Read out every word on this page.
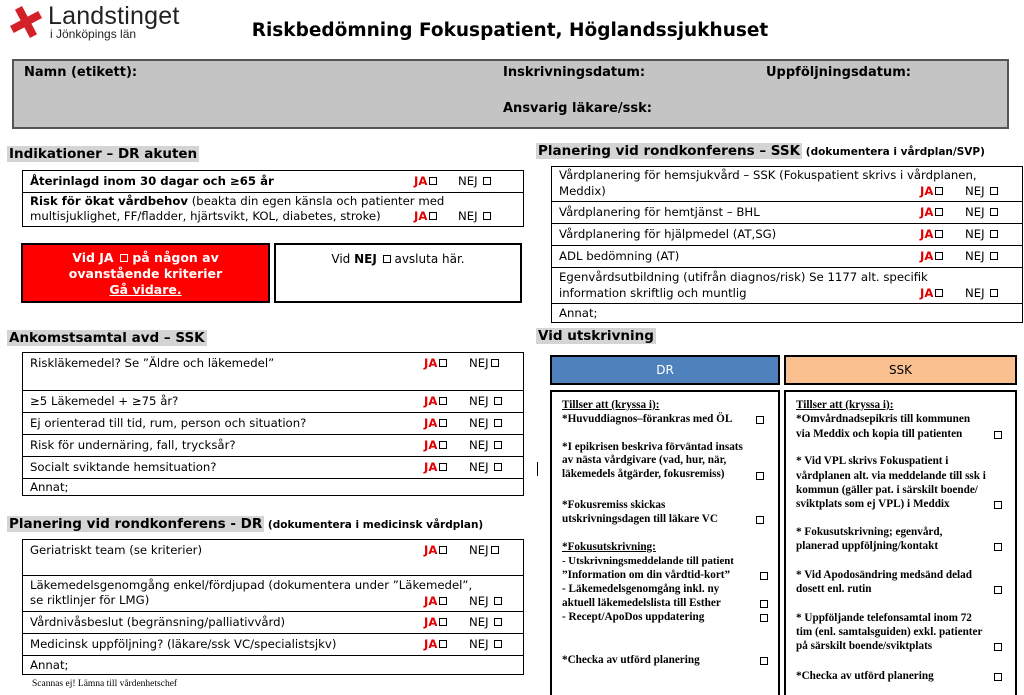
Landstinget
i Jönköpings län	Riskbedömning Fokuspatient, Höglandssjukhuset
Namn (etikett):	Inskrivningsdatum:	Uppföljningsdatum:
Ansvarig läkare/ssk:
Indikationer – DR akuten
Återinlagd inom 30 dagar och ≥65 år	JA	NEJ
Risk för ökat vårdbehov (beakta din egen känsla och patienter med
multisjuklighet, FF/fladder, hjärtsvikt, KOL, diabetes, stroke)	JA	NEJ
Vid JA  på någon av
ovanstående kriterier
Gå vidare.
Vid NEJ  avsluta här.
Ankomstsamtal avd – SSK
Riskläkemedel? Se ”Äldre och läkemedel”	JA	NEJ
≥5 Läkemedel + ≥75 år?	JA	NEJ
Ej orienterad till tid, rum, person och situation?	JA	NEJ
Risk för undernäring, fall, trycksår?	JA	NEJ
Socialt sviktande hemsituation?	JA	NEJ
Annat;
Planering vid rondkonferens - DR (dokumentera i medicinsk vårdplan)
Geriatriskt team (se kriterier)	JA	NEJ
Läkemedelsgenomgång enkel/fördjupad (dokumentera under ”Läkemedel”,
se riktlinjer för LMG)	JA	NEJ
Vårdnivåsbeslut (begränsning/palliativvård)	JA	NEJ
Medicinsk uppföljning? (läkare/ssk VC/specialistsjkv)	JA	NEJ
Annat;
Planering vid rondkonferens – SSK (dokumentera i vårdplan/SVP)
Vårdplanering för hemsjukvård – SSK (Fokuspatient skrivs i vårdplanen,
Meddix)	JA	NEJ
Vårdplanering för hemtjänst – BHL	JA	NEJ
Vårdplanering för hjälpmedel (AT,SG)	JA	NEJ
ADL bedömning (AT)	JA	NEJ
Egenvårdsutbildning (utifrån diagnos/risk) Se 1177 alt. specifik
information skriftlig och muntlig	JA	NEJ
Annat;
Vid utskrivning
DR	SSK
Tillser att (kryssa i):
*Huvuddiagnos–förankras med ÖL
*I epikrisen beskriva förväntad insats
av nästa vårdgivare (vad, hur, när,
läkemedels åtgärder, fokusremiss)
*Fokusremiss skickas
utskrivningsdagen till läkare VC
*Fokusutskrivning:
- Utskrivningsmeddelande till patient
”Information om din vårdtid-kort”
- Läkemedelsgenomgång inkl. ny
aktuell läkemedelslista till Esther
- Recept/ApoDos uppdatering
*Checka av utförd planering
Tillser att (kryssa i):
*Omvårdnadsepikris till kommunen
via Meddix och kopia till patienten
* Vid VPL skrivs Fokuspatient i
vårdplanen alt. via meddelande till ssk i
kommun (gäller pat. i särskilt boende/
sviktplats som ej VPL) i Meddix
* Fokusutskrivning; egenvård,
planerad uppföljning/kontakt
* Vid Apodosändring medsänd delad
dosett enl. rutin
* Uppföljande telefonsamtal inom 72
tim (enl. samtalsguiden) exkl. patienter
på särskilt boende/sviktplats
*Checka av utförd planering
Scannas ej! Lämna till vårdenhetschef
